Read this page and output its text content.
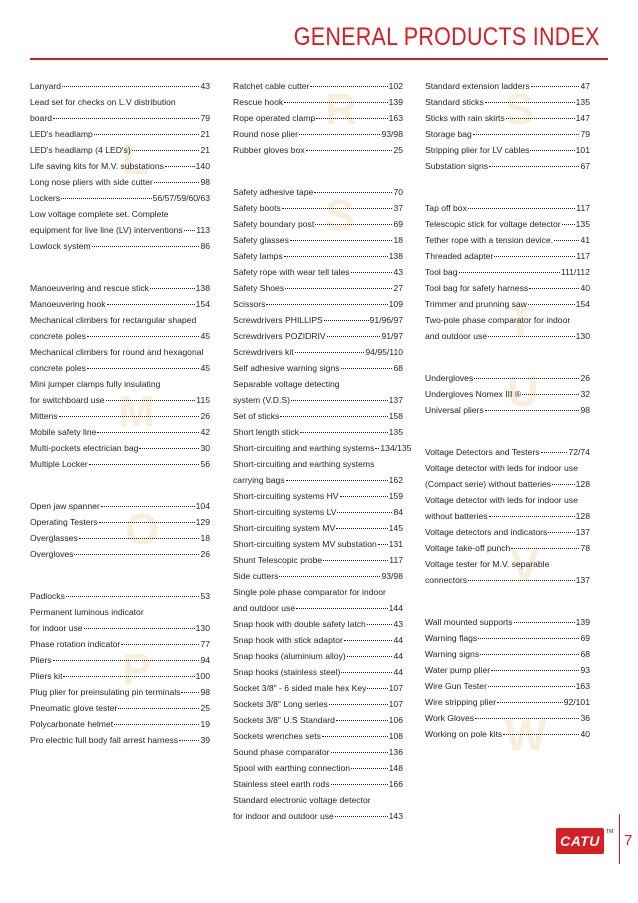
GENERAL PRODUCTS INDEX
L
Lanyard	43
Lead set for checks on L.V distribution
board	79
LED's headlamp	21
LED's headlamp (4 LED's)	21
Life saving kits for M.V. substations	140
Long nose pliers with side cutter	98
Lockers	56/57/59/60/63
Low voltage complete set. Complete
equipment for live line (LV) interventions 113
Lowlock system	86
M
Manoeuvering and rescue stick	138
Manoeuvering hook	154
Mechanical climbers for rectangular shaped
concrete poles	45
Mechanical climbers for round and hexagonal
concrete poles	45
Mini jumper clamps fully insulating
for switchboard use	115
Mittens	26
Mobile safety line	42
Multi-pockets electrician bag	30
Multiple Locker	56
O
Open jaw spanner	104
Operating Testers	129
Overglasses	18
Overgloves	26
P
Padlocks	53
Permanent luminous indicator
for indoor use	130
Phase rotation indicator	77
Pliers	94
Pliers kit	100
Plug plier for preinsulating pin terminals 98
Pneumatic glove tester	25
Polycarbonate helmet	19
Pro electric full body fall arrest harness	39
R
Ratchet cable cutter	102
Rescue hook	139
Rope operated clamp	163
Round nose plier	93/98
Rubber gloves box	25
S
Safety adhesive tape	70
Safety boots	37
Safety boundary post	69
Safety glasses	18
Safety lamps	138
Safety rope with wear tell tales	43
Safety Shoes	27
Scissors	109
Screwdrivers PHILLIPS	91/96/97
Screwdrivers POZIDRIV	91/97
Screwdrivers kit	94/95/110
Self adhesive warning signs	68
Separable voltage detecting
system (V.D.S)	137
Set of sticks	158
Short length stick	135
Short-circuiting and earthing systems 134/135
Short-circuiting and earthing systems
carrying bags	162
Short-circuiting systems HV	159
Short-circuiting systems LV	84
Short-circuiting system MV	145
Short-circuiting system MV substation 131
Shunt Telescopic probe	117
Side cutters	93/98
Single pole phase comparator for indoor
and outdoor use	144
Snap hook with double safety latch	43
Snap hook with stick adaptor	44
Snap hooks (aluminium alloy)	44
Snap hooks (stainless steel)	44
Socket 3/8" - 6 sided male hex Key	107
Sockets 3/8" Long series	107
Sockets 3/8" U.S Standard	106
Sockets wrenches sets	108
Sound phase comparator	136
Spool with earthing connection	148
Stainless steel earth rods	166
Standard electronic voltage detector
for indoor and outdoor use	143
S
Standard extension ladders	47
Standard sticks	135
Sticks with rain skirts	147
Storage bag	79
Stripping plier for LV cables	101
Substation signs	67
T
Tap off box	117
Telescopic stick for voltage detector 135
Tether rope with a tension device.	41
Threaded adapter	117
Tool bag	111/112
Tool bag for safety harness	40
Trimmer and prunning saw	154
Two-pole phase comparator for indoor
and outdoor use	130
U
Undergloves	26
Undergloves Nomex III ®	32
Universal pliers	98
V
Voltage Detectors and Testers	72/74
Voltage detector with leds for indoor use
(Compact serie) without batteries	128
Voltage detector with leds for indoor use
without batteries	128
Voltage detectors and indicators	137
Voltage take-off punch	78
Voltage tester for M.V. separable
connectors	137
W
Wall mounted supports	139
Warning flags	69
Warning signs	68
Water pump plier	93
Wire Gun Tester	163
Wire stripping plier	92/101
Work Gloves	36
Working on pole kits	40
CATU
TM 7
